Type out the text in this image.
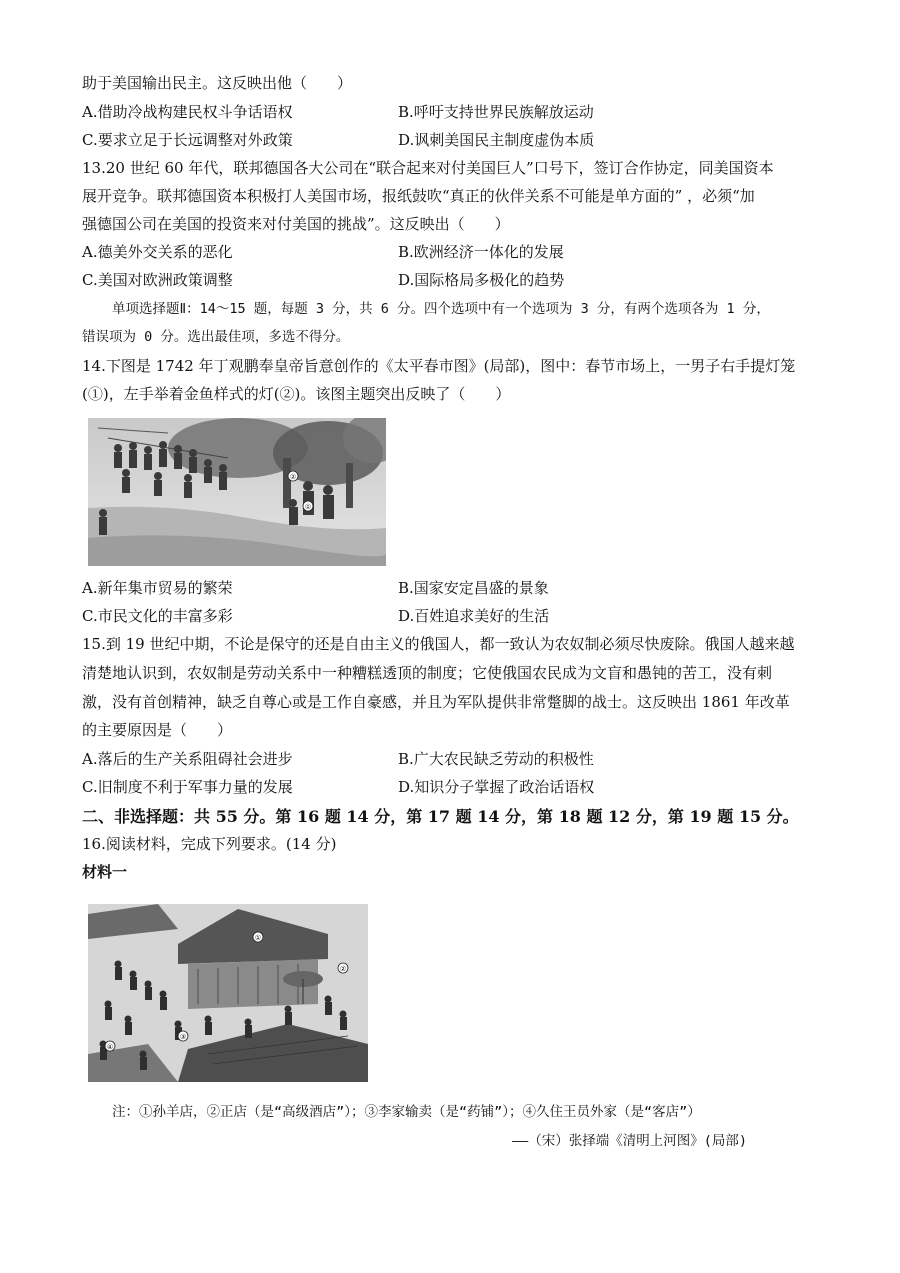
助于美国输出民主。这反映出他（　　）
A.借助冷战构建民权斗争话语权	B.呼吁支持世界民族解放运动
C.要求立足于长远调整对外政策	D.讽刺美国民主制度虚伪本质
13.20 世纪 60 年代，联邦德国各大公司在“联合起来对付美国巨人”口号下，签订合作协定，同美国资本
展开竞争。联邦德国资本积极打人美国市场，报纸鼓吹“真正的伙伴关系不可能是单方面的” ，必须“加
强德国公司在美国的投资来对付美国的挑战”。这反映出（　　）
A.德美外交关系的恶化	B.欧洲经济一体化的发展
C.美国对欧洲政策调整	D.国际格局多极化的趋势
单项选择题Ⅱ：14～15 题，每题 3 分，共 6 分。四个选项中有一个选项为 3 分，有两个选项各为 1 分，
错误项为 0 分。选出最佳项，多选不得分。
14.下图是 1742 年丁观鹏奉皇帝旨意创作的《太平春市图》(局部)，图中：春节市场上，一男子右手提灯笼
(①)，左手举着金鱼样式的灯(②)。该图主题突出反映了（　　）
②
①
A.新年集市贸易的繁荣	B.国家安定昌盛的景象
C.市民文化的丰富多彩	D.百姓追求美好的生活
15.到 19 世纪中期，不论是保守的还是自由主义的俄国人，都一致认为农奴制必须尽快废除。俄国人越来越
清楚地认识到，农奴制是劳动关系中一种糟糕透顶的制度；它使俄国农民成为文盲和愚钝的苦工，没有刺
激，没有首创精神，缺乏自尊心或是工作自豪感，并且为军队提供非常蹩脚的战士。这反映出 1861 年改革
的主要原因是（　　）
A.落后的生产关系阻碍社会进步	B.广大农民缺乏劳动的积极性
C.旧制度不利于军事力量的发展	D.知识分子掌握了政治话语权
二、非选择题：共 55 分。第 16 题 14 分，第 17 题 14 分，第 18 题 12 分，第 19 题 15 分。
16.阅读材料，完成下列要求。(14 分)
材料一
①
②
③
④
注：①孙羊店，②正店（是“高级酒店”）；③李家输卖（是“药铺”）；④久住王员外家（是“客店”）
——（宋）张择端《清明上河图》(局部)
